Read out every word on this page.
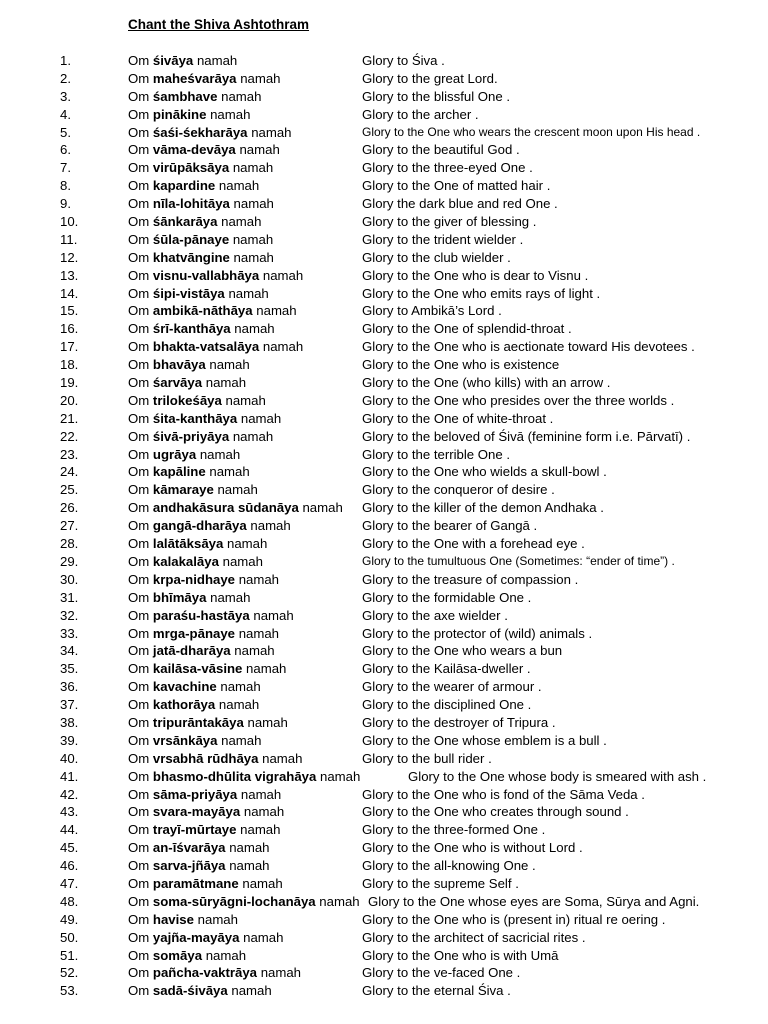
Chant the Shiva Ashtothram
1.	Om śivāya namah	Glory to Śiva .
2.	Om maheśvarāya namah	Glory to the great Lord.
3.	Om śambhave namah	Glory to the blissful One .
4.	Om pinākine namah	Glory to the archer .
5.	Om śaśi-śekharāya namah	Glory to the One who wears the crescent moon upon His head .
6.	Om vāma-devāya namah	Glory to the beautiful God .
7.	Om virūpāksāya namah	Glory to the three-eyed One .
8.	Om kapardine namah	Glory to the One of matted hair .
9.	Om nīla-lohitāya namah	Glory the dark blue and red One .
10.	Om śānkarāya namah	Glory to the giver of blessing .
11.	Om śūla-pānaye namah	Glory to the trident wielder .
12.	Om khatvāngine namah	Glory to the club wielder .
13.	Om visnu-vallabhāya namah	Glory to the One who is dear to Visnu .
14.	Om śipi-vistāya namah	Glory to the One who emits rays of light .
15.	Om ambikā-nāthāya namah	Glory to Ambikā’s Lord .
16.	Om śrī-kanthāya namah	Glory to the One of splendid-throat .
17.	Om bhakta-vatsalāya namah	Glory to the One who is aectionate toward His devotees .
18.	Om bhavāya namah	Glory to the One who is existence
19.	Om śarvāya namah	Glory to the One (who kills) with an arrow .
20.	Om trilokeśāya namah	Glory to the One who presides over the three worlds .
21.	Om śita-kanthāya namah	Glory to the One of white-throat .
22.	Om śivā-priyāya namah	Glory to the beloved of Śivā (feminine form i.e. Pārvatī) .
23.	Om ugrāya namah	Glory to the terrible One .
24.	Om kapāline namah	Glory to the One who wields a skull-bowl .
25.	Om kāmaraye namah	Glory to the conqueror of desire .
26.	Om andhakāsura sūdanāya namah Glory to the killer of the demon Andhaka .
27.	Om gangā-dharāya namah	Glory to the bearer of Gangā .
28.	Om lalātāksāya namah	Glory to the One with a forehead eye .
29.	Om kalakalāya namah	Glory to the tumultuous One (Sometimes: “ender of time”) .
30.	Om krpa-nidhaye namah	Glory to the treasure of compassion .
31.	Om bhīmāya namah	Glory to the formidable One .
32.	Om paraśu-hastāya namah	Glory to the axe wielder .
33.	Om mrga-pānaye namah	Glory to the protector of (wild) animals .
34.	Om jatā-dharāya namah	Glory to the One who wears a bun
35.	Om kailāsa-vāsine namah	Glory to the Kailāsa-dweller .
36.	Om kavachine namah	Glory to the wearer of armour .
37.	Om kathorāya namah	Glory to the disciplined One .
38.	Om tripurāntakāya namah	Glory to the destroyer of Tripura .
39.	Om vrsānkāya namah	Glory to the One whose emblem is a bull .
40.	Om vrsabhā rūdhāya namah	Glory to the bull rider .
41.	Om bhasmo-dhūlita vigrahāya namah	Glory to the One whose body is smeared with ash .
42.	Om sāma-priyāya namah	Glory to the One who is fond of the Sāma Veda .
43.	Om svara-mayāya namah	Glory to the One who creates through sound .
44.	Om trayī-mūrtaye namah	Glory to the three-formed One .
45.	Om an-īśvarāya namah	Glory to the One who is without Lord .
46.	Om sarva-jñāya namah	Glory to the all-knowing One .
47.	Om paramātmane namah	Glory to the supreme Self .
48.	Om soma-sūryāgni-lochanāya namah Glory to the One whose eyes are Soma, Sūrya and Agni.
49.	Om havise namah	Glory to the One who is (present in) ritual re oering .
50.	Om yajña-mayāya namah	Glory to the architect of sacricial rites .
51.	Om somāya namah	Glory to the One who is with Umā
52.	Om pañcha-vaktrāya namah	Glory to the ve-faced One .
53.	Om sadā-śivāya namah	Glory to the eternal Śiva .
